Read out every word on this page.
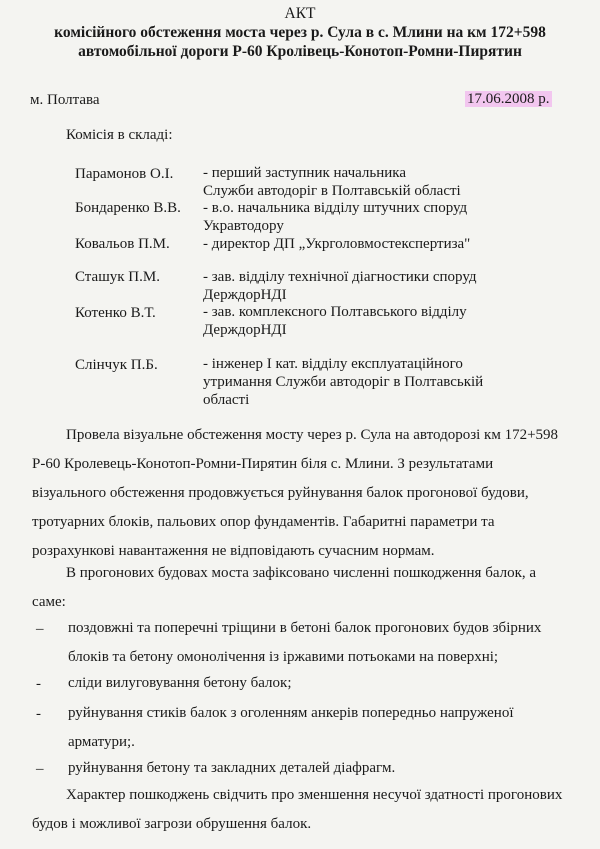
АКТ
комісійного обстеження моста через р. Сула в с. Млини на км 172+598
автомобільної дороги Р-60 Кролівець-Конотоп-Ромни-Пирятин
м. Полтава	17.06.2008 р.
Комісія в складі:
Парамонов О.І. - перший заступник начальника
Служби автодоріг в Полтавській області
Бондаренко В.В. - в.о. начальника відділу штучних споруд
Укравтодору
Ковальов П.М. - директор ДП „Укрголовмостекспертиза"
Сташук П.М.	- зав. відділу технічної діагностики споруд
ДерждорНДІ
Котенко В.Т.	- зав. комплексного Полтавського відділу
ДерждорНДІ
Слінчук П.Б.	- інженер І кат. відділу експлуатаційного
утримання Служби автодоріг в Полтавській
області
Провела візуальне обстеження мосту через р. Сула на автодорозі км 172+598
Р-60 Кролевець-Конотоп-Ромни-Пирятин біля с. Млини. З результатами
візуального обстеження продовжується руйнування балок прогонової будови,
тротуарних блоків, пальових опор фундаментів. Габаритні параметри та
розрахункові навантаження не відповідають сучасним нормам.
В прогонових будовах моста зафіксовано численні пошкодження балок, а
саме:
– поздовжні та поперечні тріщини в бетоні балок прогонових будов збірних
блоків та бетону омонолічення із іржавими потьоками на поверхні;
- сліди вилуговування бетону балок;
- руйнування стиків балок з оголенням анкерів попередньо напруженої
арматури;.
– руйнування бетону та закладних деталей діафрагм.
Характер пошкоджень свідчить про зменшення несучої здатності прогонових
будов і можливої загрози обрушення балок.
